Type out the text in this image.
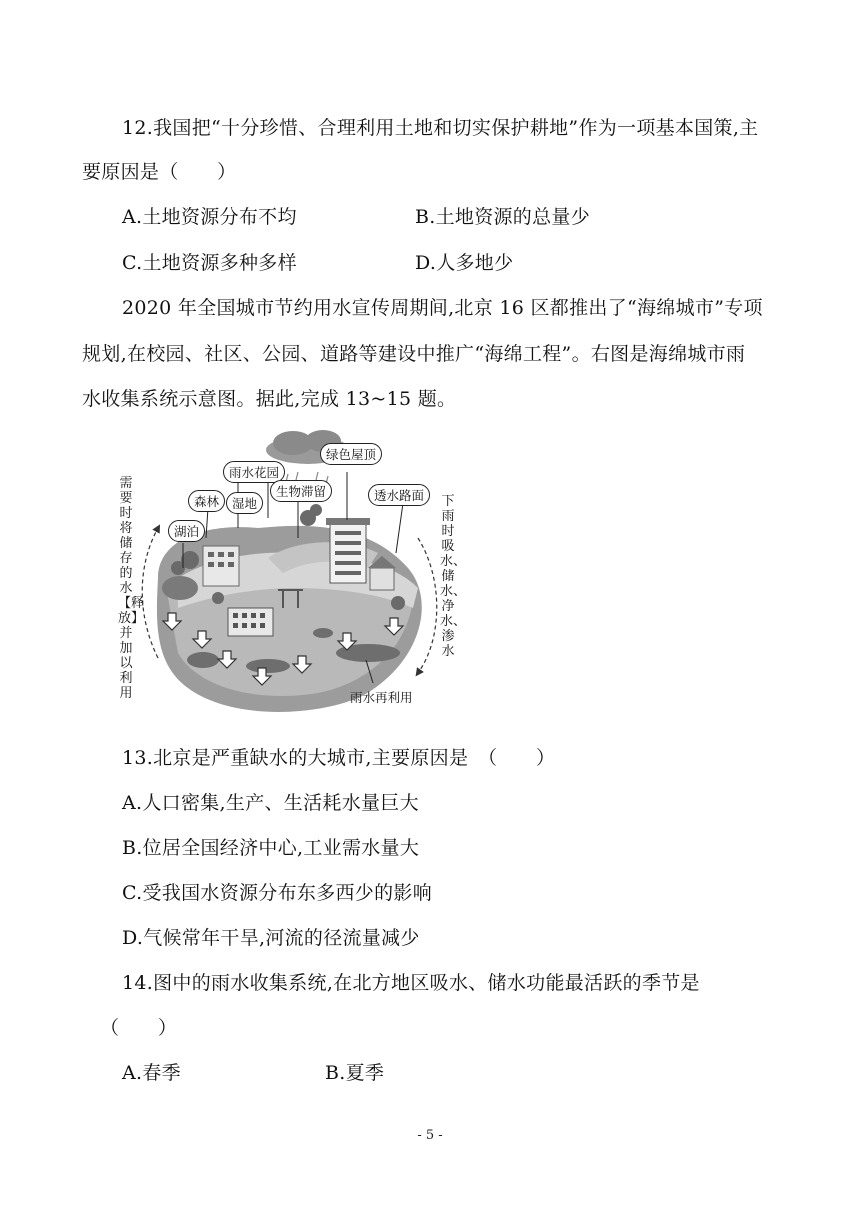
12.我国把“十分珍惜、合理利用土地和切实保护耕地”作为一项基本国策,主
要原因是（　　）
A.土地资源分布不均	B.土地资源的总量少
C.土地资源多种多样	D.人多地少
2020 年全国城市节约用水宣传周期间,北京 16 区都推出了“海绵城市”专项
规划,在校园、社区、公园、道路等建设中推广“海绵工程”。右图是海绵城市雨
水收集系统示意图。据此,完成 13~15 题。
需要时将储存的水【释放】并加以利用
下雨时吸水、储水、净水、渗水
绿色屋顶
雨水花园
森林	湿地
生物滞留	透水路面
湖泊
雨水再利用
13.北京是严重缺水的大城市,主要原因是　（　　）
A.人口密集,生产、生活耗水量巨大
B.位居全国经济中心,工业需水量大
C.受我国水资源分布东多西少的影响
D.气候常年干旱,河流的径流量减少
14.图中的雨水收集系统,在北方地区吸水、储水功能最活跃的季节是
（　　）
A.春季	B.夏季
- 5 -
